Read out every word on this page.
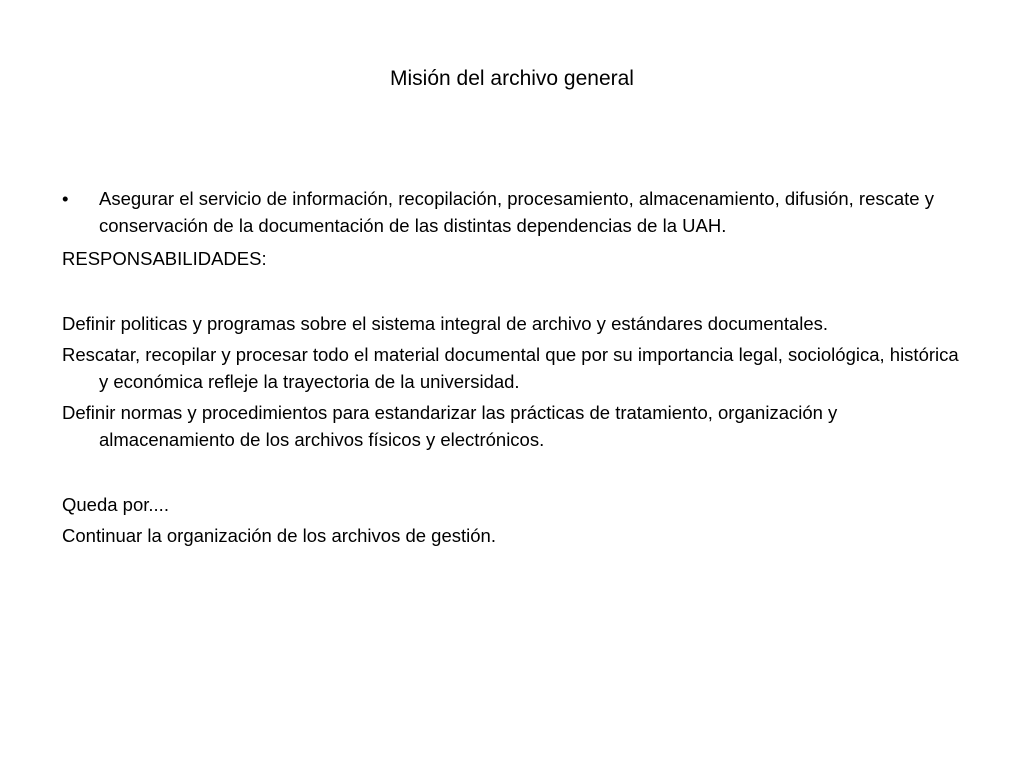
Misión del archivo general

• Asegurar el servicio de información, recopilación, procesamiento, almacenamiento, difusión, rescate y conservación de la documentación de las distintas dependencias de la UAH.

RESPONSABILIDADES:

Definir politicas y programas sobre el sistema integral de archivo y estándares documentales.

Rescatar, recopilar y procesar todo el material documental que por su importancia legal, sociológica, histórica y económica refleje la trayectoria de la universidad.

Definir normas y procedimientos para estandarizar las prácticas de tratamiento, organización y almacenamiento de los archivos físicos y electrónicos.

Queda por....

Continuar la organización de los archivos de gestión.
